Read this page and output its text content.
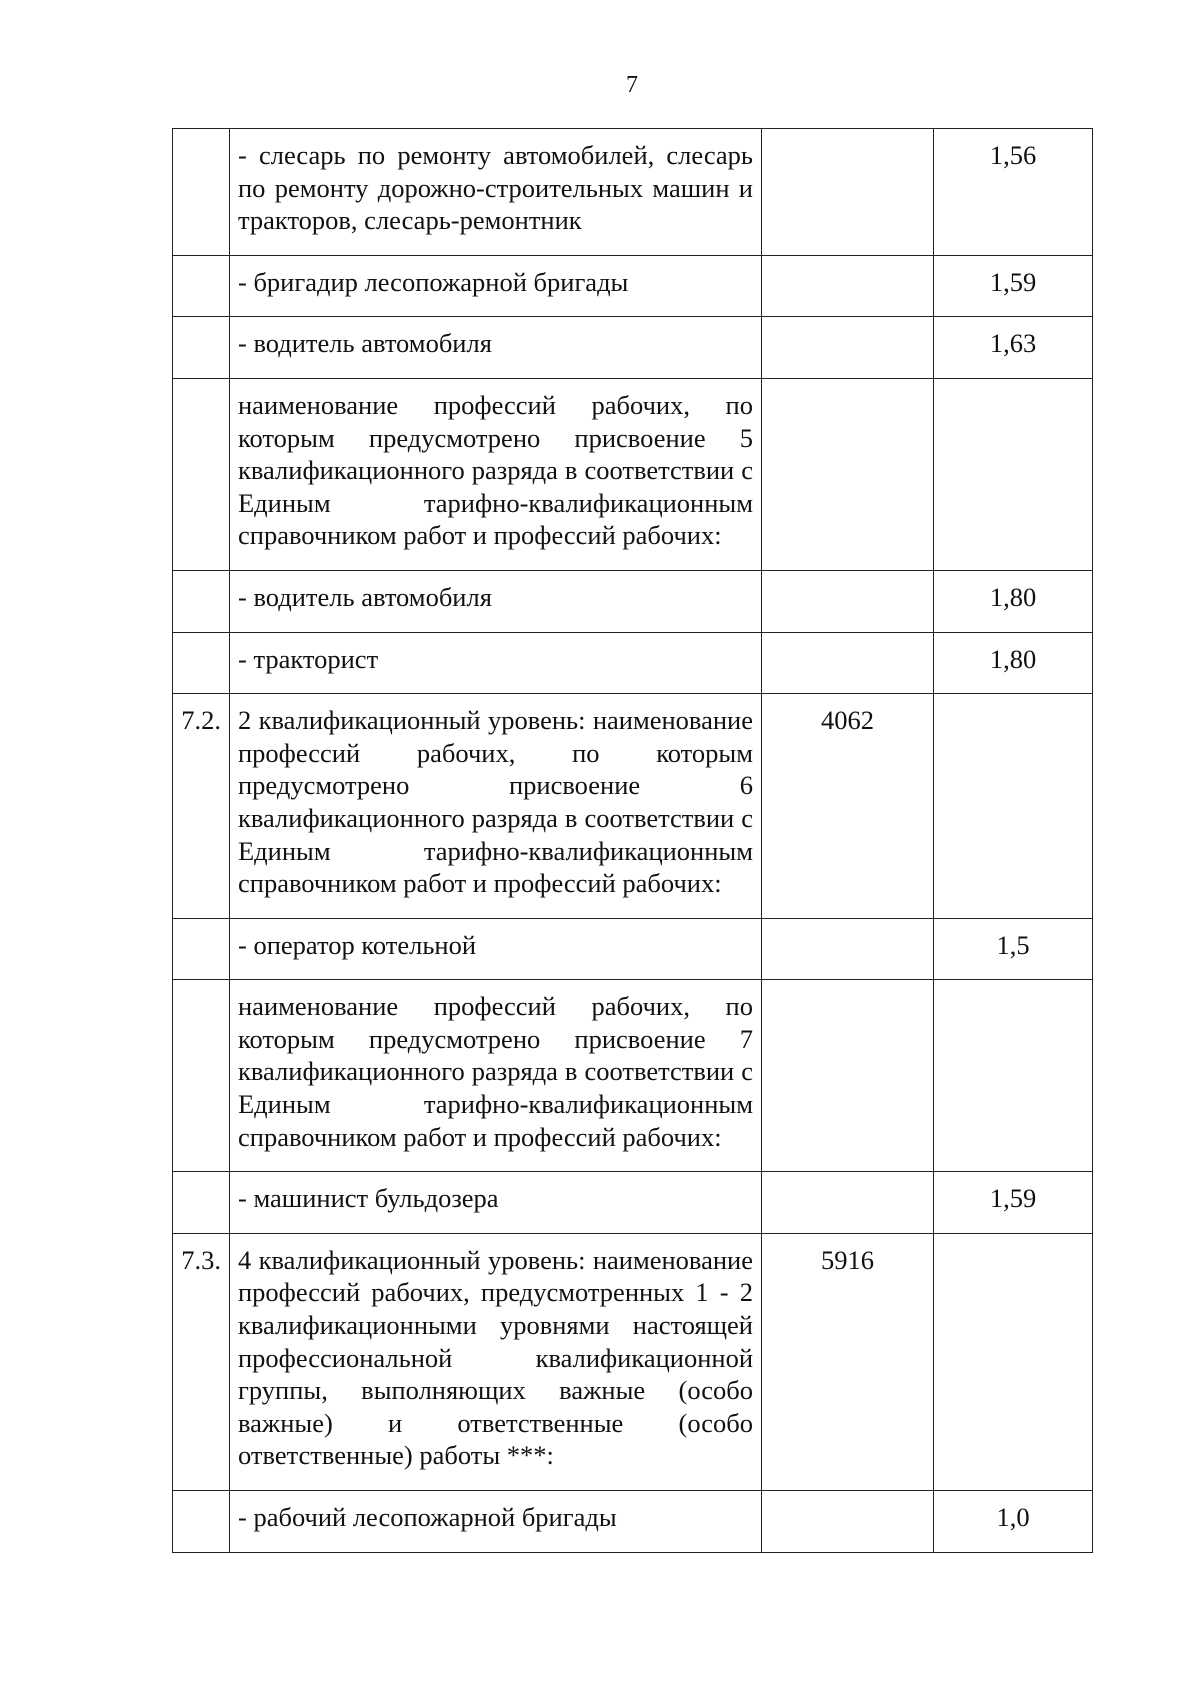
7
	- слесарь по ремонту автомобилей, слесарь по ремонту дорожно-строительных машин и тракторов, слесарь-ремонтник		1,56
	- бригадир лесопожарной бригады		1,59
	- водитель автомобиля		1,63
	наименование профессий рабочих, по которым предусмотрено присвоение 5 квалификационного разряда в соответствии с Единым тарифно-квалификационным справочником работ и профессий рабочих:		
	- водитель автомобиля		1,80
	- тракторист		1,80
7.2.	2 квалификационный уровень: наименование профессий рабочих, по которым предусмотрено присвоение 6 квалификационного разряда в соответствии с Единым тарифно-квалификационным справочником работ и профессий рабочих:	4062	
	- оператор котельной		1,5
	наименование профессий рабочих, по которым предусмотрено присвоение 7 квалификационного разряда в соответствии с Единым тарифно-квалификационным справочником работ и профессий рабочих:		
	- машинист бульдозера		1,59
7.3.	4 квалификационный уровень: наименование профессий рабочих, предусмотренных 1 - 2 квалификационными уровнями настоящей профессиональной квалификационной группы, выполняющих важные (особо важные) и ответственные (особо ответственные) работы ***:	5916	
	- рабочий лесопожарной бригады		1,0
